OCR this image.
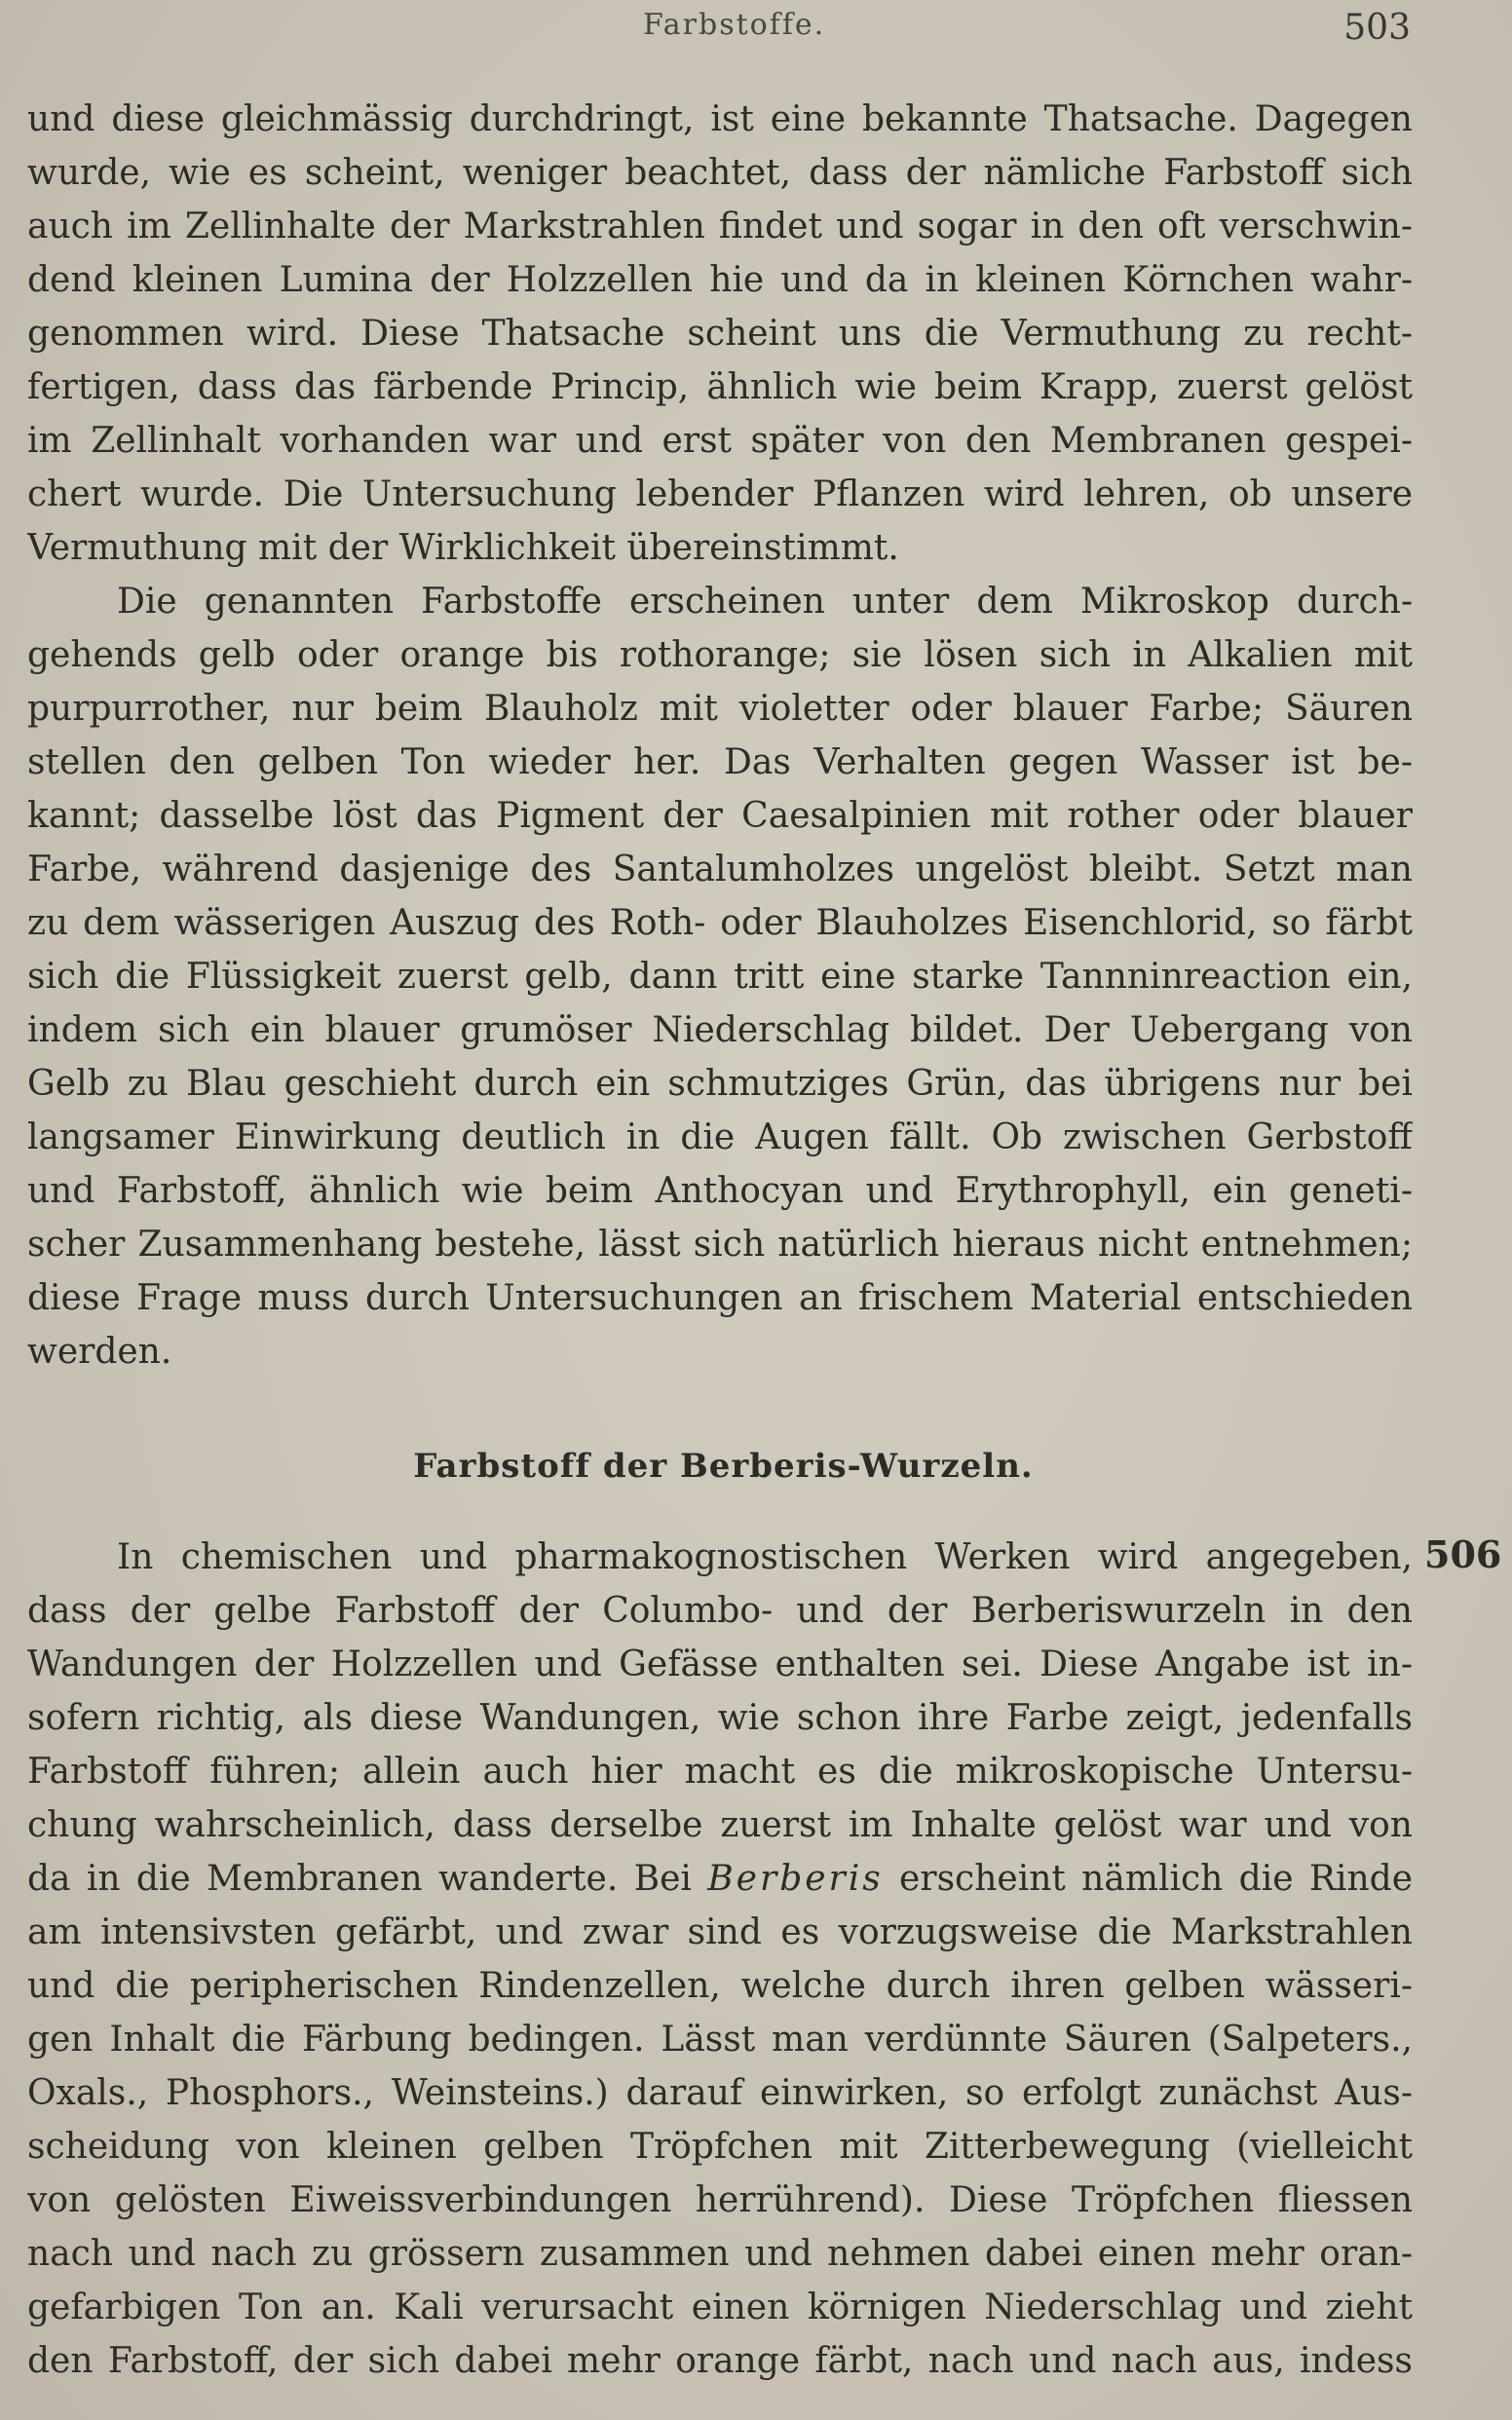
Farbstoffe.	503
und diese gleichmässig durchdringt, ist eine bekannte Thatsache. Dagegen
wurde, wie es scheint, weniger beachtet, dass der nämliche Farbstoff sich
auch im Zellinhalte der Markstrahlen findet und sogar in den oft verschwin-
dend kleinen Lumina der Holzzellen hie und da in kleinen Körnchen wahr-
genommen wird. Diese Thatsache scheint uns die Vermuthung zu recht-
fertigen, dass das färbende Princip, ähnlich wie beim Krapp, zuerst gelöst
im Zellinhalt vorhanden war und erst später von den Membranen gespei-
chert wurde. Die Untersuchung lebender Pflanzen wird lehren, ob unsere
Vermuthung mit der Wirklichkeit übereinstimmt.
Die genannten Farbstoffe erscheinen unter dem Mikroskop durch-
gehends gelb oder orange bis rothorange; sie lösen sich in Alkalien mit
purpurrother, nur beim Blauholz mit violetter oder blauer Farbe; Säuren
stellen den gelben Ton wieder her. Das Verhalten gegen Wasser ist be-
kannt; dasselbe löst das Pigment der Caesalpinien mit rother oder blauer
Farbe, während dasjenige des Santalumholzes ungelöst bleibt. Setzt man
zu dem wässerigen Auszug des Roth- oder Blauholzes Eisenchlorid, so färbt
sich die Flüssigkeit zuerst gelb, dann tritt eine starke Tannninreaction ein,
indem sich ein blauer grumöser Niederschlag bildet. Der Uebergang von
Gelb zu Blau geschieht durch ein schmutziges Grün, das übrigens nur bei
langsamer Einwirkung deutlich in die Augen fällt. Ob zwischen Gerbstoff
und Farbstoff, ähnlich wie beim Anthocyan und Erythrophyll, ein geneti-
scher Zusammenhang bestehe, lässt sich natürlich hieraus nicht entnehmen;
diese Frage muss durch Untersuchungen an frischem Material entschieden
werden.
Farbstoff der Berberis-Wurzeln.
506
In chemischen und pharmakognostischen Werken wird angegeben,
dass der gelbe Farbstoff der Columbo- und der Berberiswurzeln in den
Wandungen der Holzzellen und Gefässe enthalten sei. Diese Angabe ist in-
sofern richtig, als diese Wandungen, wie schon ihre Farbe zeigt, jedenfalls
Farbstoff führen; allein auch hier macht es die mikroskopische Untersu-
chung wahrscheinlich, dass derselbe zuerst im Inhalte gelöst war und von
da in die Membranen wanderte. Bei Berberis erscheint nämlich die Rinde
am intensivsten gefärbt, und zwar sind es vorzugsweise die Markstrahlen
und die peripherischen Rindenzellen, welche durch ihren gelben wässeri-
gen Inhalt die Färbung bedingen. Lässt man verdünnte Säuren (Salpeters.,
Oxals., Phosphors., Weinsteins.) darauf einwirken, so erfolgt zunächst Aus-
scheidung von kleinen gelben Tröpfchen mit Zitterbewegung (vielleicht
von gelösten Eiweissverbindungen herrührend). Diese Tröpfchen fliessen
nach und nach zu grössern zusammen und nehmen dabei einen mehr oran-
gefarbigen Ton an. Kali verursacht einen körnigen Niederschlag und zieht
den Farbstoff, der sich dabei mehr orange färbt, nach und nach aus, indess
